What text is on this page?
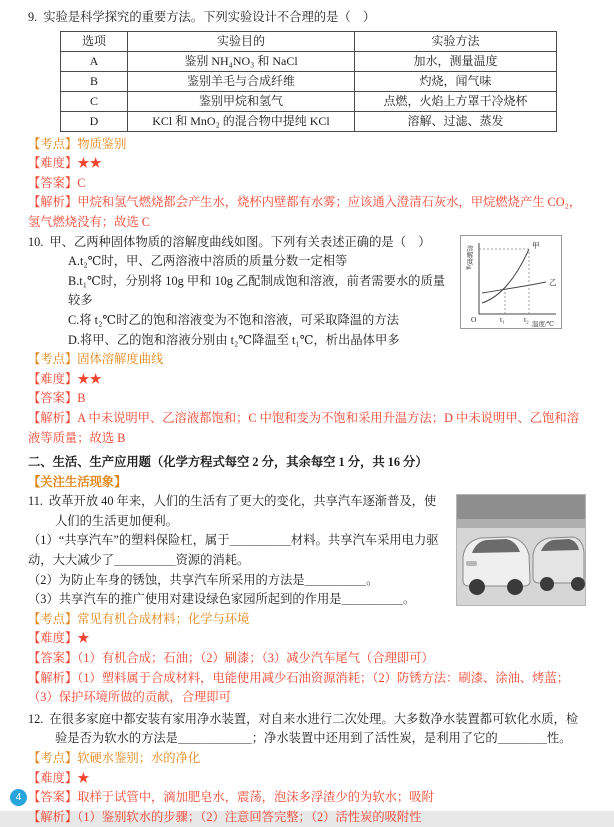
9. 实验是科学探究的重要方法。下列实验设计不合理的是（　）

选项	实验目的	实验方法
A	鉴别 NH₄NO₃ 和 NaCl	加水，测量温度
B	鉴别羊毛与合成纤维	灼烧，闻气味
C	鉴别甲烷和氢气	点燃，火焰上方罩干冷烧杯
D	KCl 和 MnO₂ 的混合物中提纯 KCl	溶解、过滤、蒸发

【考点】物质鉴别

【难度】★★

【答案】C

【解析】甲烷和氢气燃烧都会产生水，烧杯内壁都有水雾；应该通入澄清石灰水，甲烷燃烧产生 CO₂，氢气燃烧没有；故选 C

甲
乙
O	t₁	t₂
温度/℃
溶解度/g

10. 甲、乙两种固体物质的溶解度曲线如图。下列有关表述正确的是（　）

A.t₂℃时，甲、乙两溶液中溶质的质量分数一定相等

B.t₁℃时，分别将 10g 甲和 10g 乙配制成饱和溶液，前者需要水的质量较多

C.将 t₂℃时乙的饱和溶液变为不饱和溶液，可采取降温的方法

D.将甲、乙的饱和溶液分别由 t₂℃降温至 t₁℃，析出晶体甲多

【考点】固体溶解度曲线

【难度】★★

【答案】B

【解析】A 中未说明甲、乙溶液都饱和；C 中饱和变为不饱和采用升温方法；D 中未说明甲、乙饱和溶液等质量；故选 B

二、生活、生产应用题（化学方程式每空 2 分，其余每空 1 分，共 16 分）

【关注生活现象】

11. 改革开放 40 年来，人们的生活有了更大的变化，共享汽车逐渐普及，使人们的生活更加便利。

（1）“共享汽车”的塑料保险杠，属于＿＿＿＿＿材料。共享汽车采用电力驱动，大大减少了＿＿＿＿＿资源的消耗。

（2）为防止车身的锈蚀，共享汽车所采用的方法是＿＿＿＿＿。

（3）共享汽车的推广使用对建设绿色家园所起到的作用是＿＿＿＿＿。

【考点】常见有机合成材料；化学与环境

【难度】★

【答案】（1）有机合成；石油；（2）刷漆；（3）减少汽车尾气（合理即可）

【解析】（1）塑料属于合成材料，电能使用减少石油资源消耗；（2）防锈方法：刷漆、涂油、烤蓝；（3）保护环境所做的贡献，合理即可

12. 在很多家庭中都安装有家用净水装置，对自来水进行二次处理。大多数净水装置都可软化水质，检验是否为软水的方法是＿＿＿＿＿＿；净水装置中还用到了活性炭，是利用了它的＿＿＿＿性。

【考点】软硬水鉴别；水的净化

【难度】★

【答案】取样于试管中，滴加肥皂水，震荡，泡沫多浮渣少的为软水；吸附

【解析】（1）鉴别软水的步骤；（2）注意回答完整；（2）活性炭的吸附性

4
